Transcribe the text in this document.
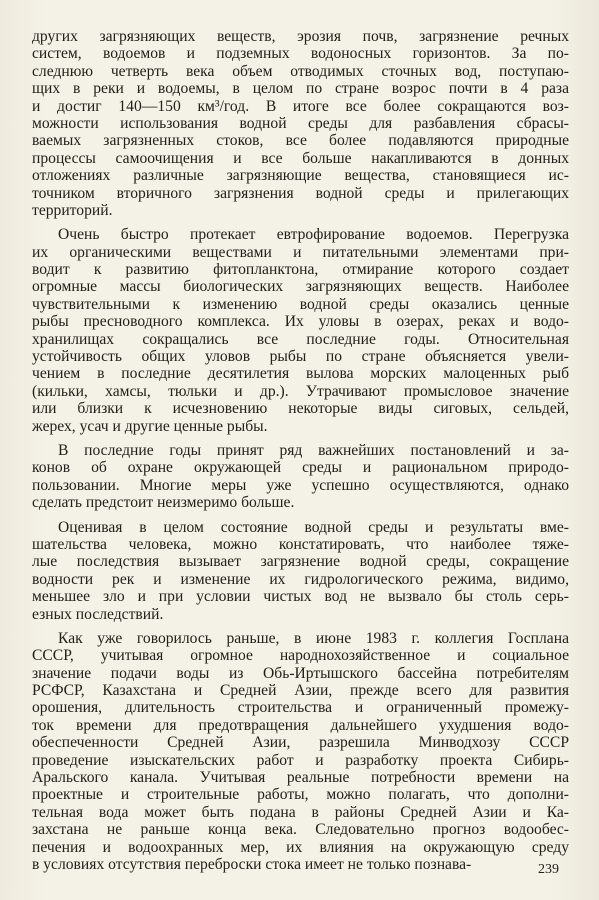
других загрязняющих веществ, эрозия почв, загрязнение речных
систем, водоемов и подземных водоносных горизонтов. За по-
следнюю четверть века объем отводимых сточных вод, поступаю-
щих в реки и водоемы, в целом по стране возрос почти в 4 раза
и достиг 140—150 км³/год. В итоге все более сокращаются воз-
можности использования водной среды для разбавления сбрасы-
ваемых загрязненных стоков, все более подавляются природные
процессы самоочищения и все больше накапливаются в донных
отложениях различные загрязняющие вещества, становящиеся ис-
точником вторичного загрязнения водной среды и прилегающих
территорий.
Очень быстро протекает евтрофирование водоемов. Перегрузка
их органическими веществами и питательными элементами при-
водит к развитию фитопланктона, отмирание которого создает
огромные массы биологических загрязняющих веществ. Наиболее
чувствительными к изменению водной среды оказались ценные
рыбы пресноводного комплекса. Их уловы в озерах, реках и водо-
хранилищах сокращались все последние годы. Относительная
устойчивость общих уловов рыбы по стране объясняется увели-
чением в последние десятилетия вылова морских малоценных рыб
(кильки, хамсы, тюльки и др.). Утрачивают промысловое значение
или близки к исчезновению некоторые виды сиговых, сельдей,
жерех, усач и другие ценные рыбы.
В последние годы принят ряд важнейших постановлений и за-
конов об охране окружающей среды и рациональном природо-
пользовании. Многие меры уже успешно осуществляются, однако
сделать предстоит неизмеримо больше.
Оценивая в целом состояние водной среды и результаты вме-
шательства человека, можно констатировать, что наиболее тяже-
лые последствия вызывает загрязнение водной среды, сокращение
водности рек и изменение их гидрологического режима, видимо,
меньшее зло и при условии чистых вод не вызвало бы столь серь-
езных последствий.
Как уже говорилось раньше, в июне 1983 г. коллегия Госплана
СССР, учитывая огромное народнохозяйственное и социальное
значение подачи воды из Обь-Иртышского бассейна потребителям
РСФСР, Казахстана и Средней Азии, прежде всего для развития
орошения, длительность строительства и ограниченный промежу-
ток времени для предотвращения дальнейшего ухудшения водо-
обеспеченности Средней Азии, разрешила Минводхозу СССР
проведение изыскательских работ и разработку проекта Сибирь-
Аральского канала. Учитывая реальные потребности времени на
проектные и строительные работы, можно полагать, что дополни-
тельная вода может быть подана в районы Средней Азии и Ка-
захстана не раньше конца века. Следовательно прогноз водообес-
печения и водоохранных мер, их влияния на окружающую среду
в условиях отсутствия переброски стока имеет не только познава-	239
